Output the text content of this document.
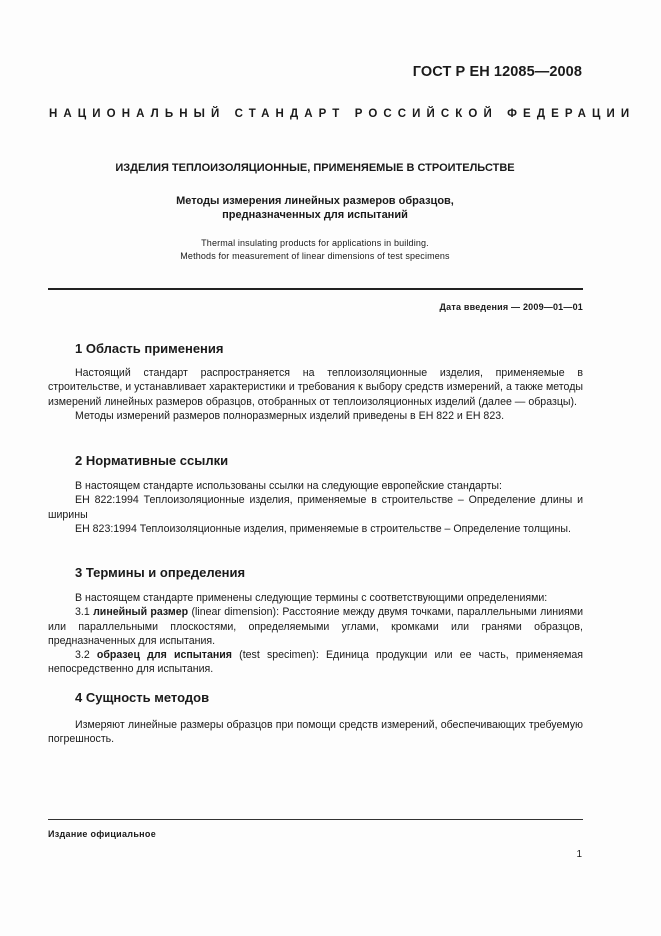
ГОСТ Р ЕН 12085—2008
НАЦИОНАЛЬНЫЙ СТАНДАРТ РОССИЙСКОЙ ФЕДЕРАЦИИ
ИЗДЕЛИЯ ТЕПЛОИЗОЛЯЦИОННЫЕ, ПРИМЕНЯЕМЫЕ В СТРОИТЕЛЬСТВЕ
Методы измерения линейных размеров образцов,
предназначенных для испытаний
Thermal insulating products for applications in building.
Methods for measurement of linear dimensions of test specimens
Дата введения — 2009—01—01
1 Область применения

Настоящий стандарт распространяется на теплоизоляционные изделия, применяемые в строительстве, и устанавливает характеристики и требования к выбору средств измерений, а также методы измерений линейных размеров образцов, отобранных от теплоизоляционных изделий (далее — образцы).

Методы измерений размеров полноразмерных изделий приведены в ЕН 822 и ЕН 823.

2 Нормативные ссылки

В настоящем стандарте использованы ссылки на следующие европейские стандарты:

ЕН 822:1994 Теплоизоляционные изделия, применяемые в строительстве – Определение длины и ширины

ЕН 823:1994 Теплоизоляционные изделия, применяемые в строительстве – Определение толщины.

3 Термины и определения

В настоящем стандарте применены следующие термины с соответствующими определениями:

3.1 линейный размер (linear dimension): Расстояние между двумя точками, параллельными линиями или параллельными плоскостями, определяемыми углами, кромками или гранями образцов, предназначенных для испытания.

3.2 образец для испытания (test specimen): Единица продукции или ее часть, применяемая непосредственно для испытания.

4 Сущность методов

Измеряют линейные размеры образцов при помощи средств измерений, обеспечивающих требуемую погрешность.

Издание официальное
1
